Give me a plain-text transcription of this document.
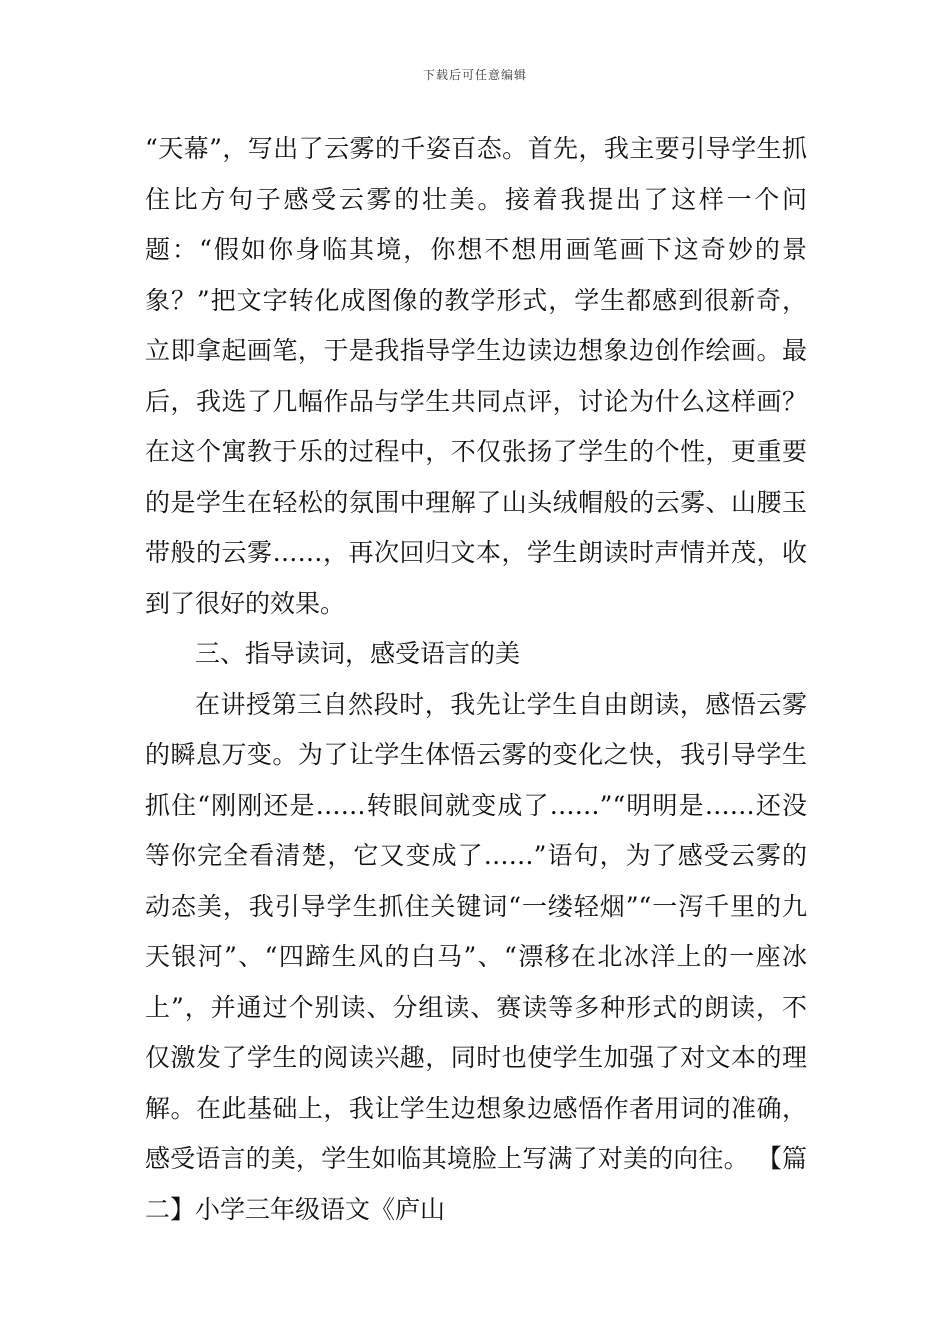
下载后可任意编辑

“天幕”，写出了云雾的千姿百态。首先，我主要引导学生抓住比方句子感受云雾的壮美。接着我提出了这样一个问题：“假如你身临其境，你想不想用画笔画下这奇妙的景象？”把文字转化成图像的教学形式，学生都感到很新奇，立即拿起画笔，于是我指导学生边读边想象边创作绘画。最后，我选了几幅作品与学生共同点评，讨论为什么这样画？在这个寓教于乐的过程中，不仅张扬了学生的个性，更重要的是学生在轻松的氛围中理解了山头绒帽般的云雾、山腰玉带般的云雾……，再次回归文本，学生朗读时声情并茂，收到了很好的效果。

三、指导读词，感受语言的美

在讲授第三自然段时，我先让学生自由朗读，感悟云雾的瞬息万变。为了让学生体悟云雾的变化之快，我引导学生抓住“刚刚还是……转眼间就变成了……”“明明是……还没等你完全看清楚，它又变成了……”语句，为了感受云雾的动态美，我引导学生抓住关键词“一缕轻烟”“一泻千里的九天银河”、“四蹄生风的白马”、“漂移在北冰洋上的一座冰上”，并通过个别读、分组读、赛读等多种形式的朗读，不仅激发了学生的阅读兴趣，同时也使学生加强了对文本的理解。在此基础上，我让学生边想象边感悟作者用词的准确，感受语言的美，学生如临其境脸上写满了对美的向往。 【篇二】小学三年级语文《庐山
